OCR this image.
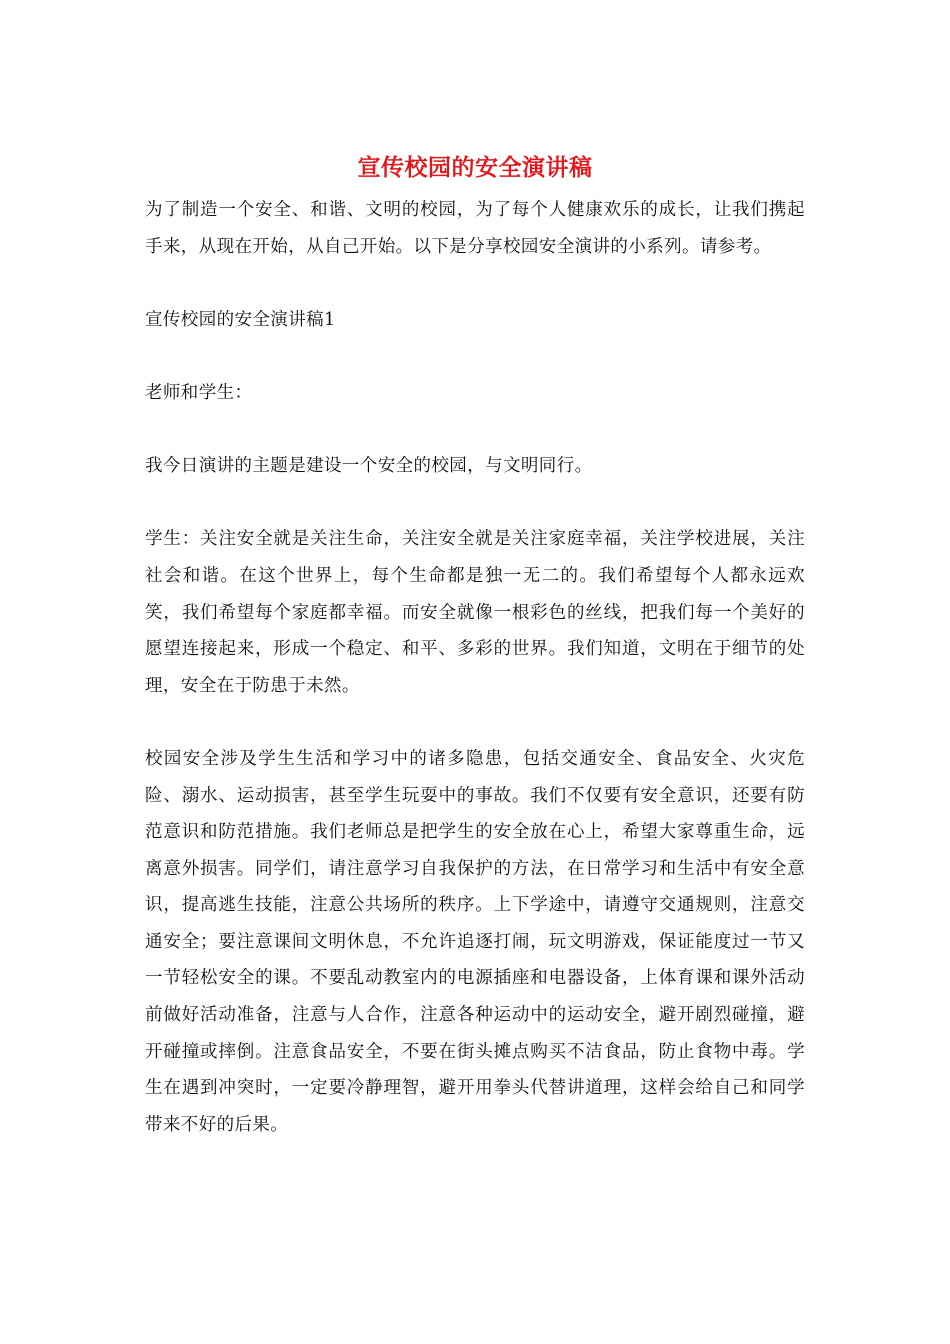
宣传校园的安全演讲稿

为了制造一个安全、和谐、文明的校园，为了每个人健康欢乐的成长，让我们携起手来，从现在开始，从自己开始。以下是分享校园安全演讲的小系列。请参考。

宣传校园的安全演讲稿1

老师和学生：

我今日演讲的主题是建设一个安全的校园，与文明同行。

学生：关注安全就是关注生命，关注安全就是关注家庭幸福，关注学校进展，关注社会和谐。在这个世界上，每个生命都是独一无二的。我们希望每个人都永远欢笑，我们希望每个家庭都幸福。而安全就像一根彩色的丝线，把我们每一个美好的愿望连接起来，形成一个稳定、和平、多彩的世界。我们知道，文明在于细节的处理，安全在于防患于未然。

校园安全涉及学生生活和学习中的诸多隐患，包括交通安全、食品安全、火灾危险、溺水、运动损害，甚至学生玩耍中的事故。我们不仅要有安全意识，还要有防范意识和防范措施。我们老师总是把学生的安全放在心上，希望大家尊重生命，远离意外损害。同学们，请注意学习自我保护的方法，在日常学习和生活中有安全意识，提高逃生技能，注意公共场所的秩序。上下学途中，请遵守交通规则，注意交通安全；要注意课间文明休息，不允许追逐打闹，玩文明游戏，保证能度过一节又一节轻松安全的课。不要乱动教室内的电源插座和电器设备，上体育课和课外活动前做好活动准备，注意与人合作，注意各种运动中的运动安全，避开剧烈碰撞，避开碰撞或摔倒。注意食品安全，不要在街头摊点购买不洁食品，防止食物中毒。学生在遇到冲突时，一定要冷静理智，避开用拳头代替讲道理，这样会给自己和同学带来不好的后果。
